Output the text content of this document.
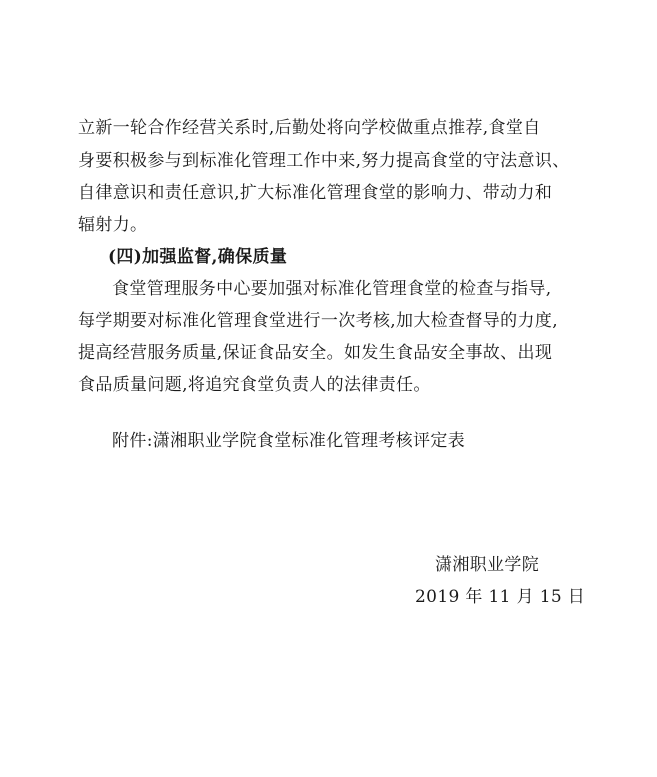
立新一轮合作经营关系时,后勤处将向学校做重点推荐,食堂自
身要积极参与到标准化管理工作中来,努力提高食堂的守法意识、
自律意识和责任意识,扩大标准化管理食堂的影响力、带动力和
辐射力。
(四)加强监督,确保质量
食堂管理服务中心要加强对标准化管理食堂的检查与指导,
每学期要对标准化管理食堂进行一次考核,加大检查督导的力度,
提高经营服务质量,保证食品安全。如发生食品安全事故、出现
食品质量问题,将追究食堂负责人的法律责任。
附件:潇湘职业学院食堂标准化管理考核评定表
潇湘职业学院
2019 年 11 月 15 日
